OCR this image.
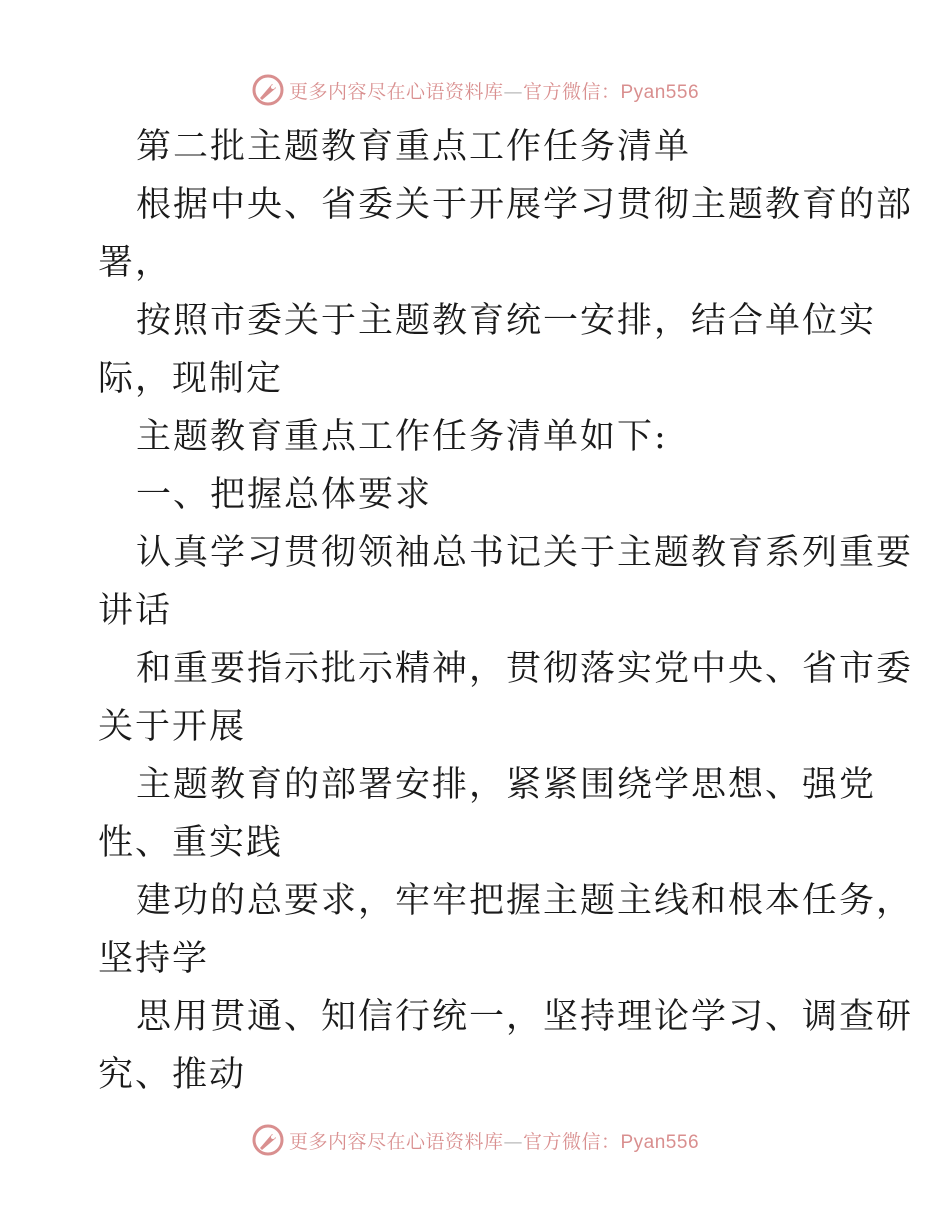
更多内容尽在心语资料库—官方微信：Pyan556
第二批主题教育重点工作任务清单
根据中央、省委关于开展学习贯彻主题教育的部
署，
按照市委关于主题教育统一安排，结合单位实
际，现制定
主题教育重点工作任务清单如下:
一、把握总体要求
认真学习贯彻领袖总书记关于主题教育系列重要
讲话
和重要指示批示精神，贯彻落实党中央、省市委
关于开展
主题教育的部署安排，紧紧围绕学思想、强党
性、重实践
建功的总要求，牢牢把握主题主线和根本任务，
坚持学
思用贯通、知信行统一，坚持理论学习、调查研
究、推动
更多内容尽在心语资料库—官方微信：Pyan556
